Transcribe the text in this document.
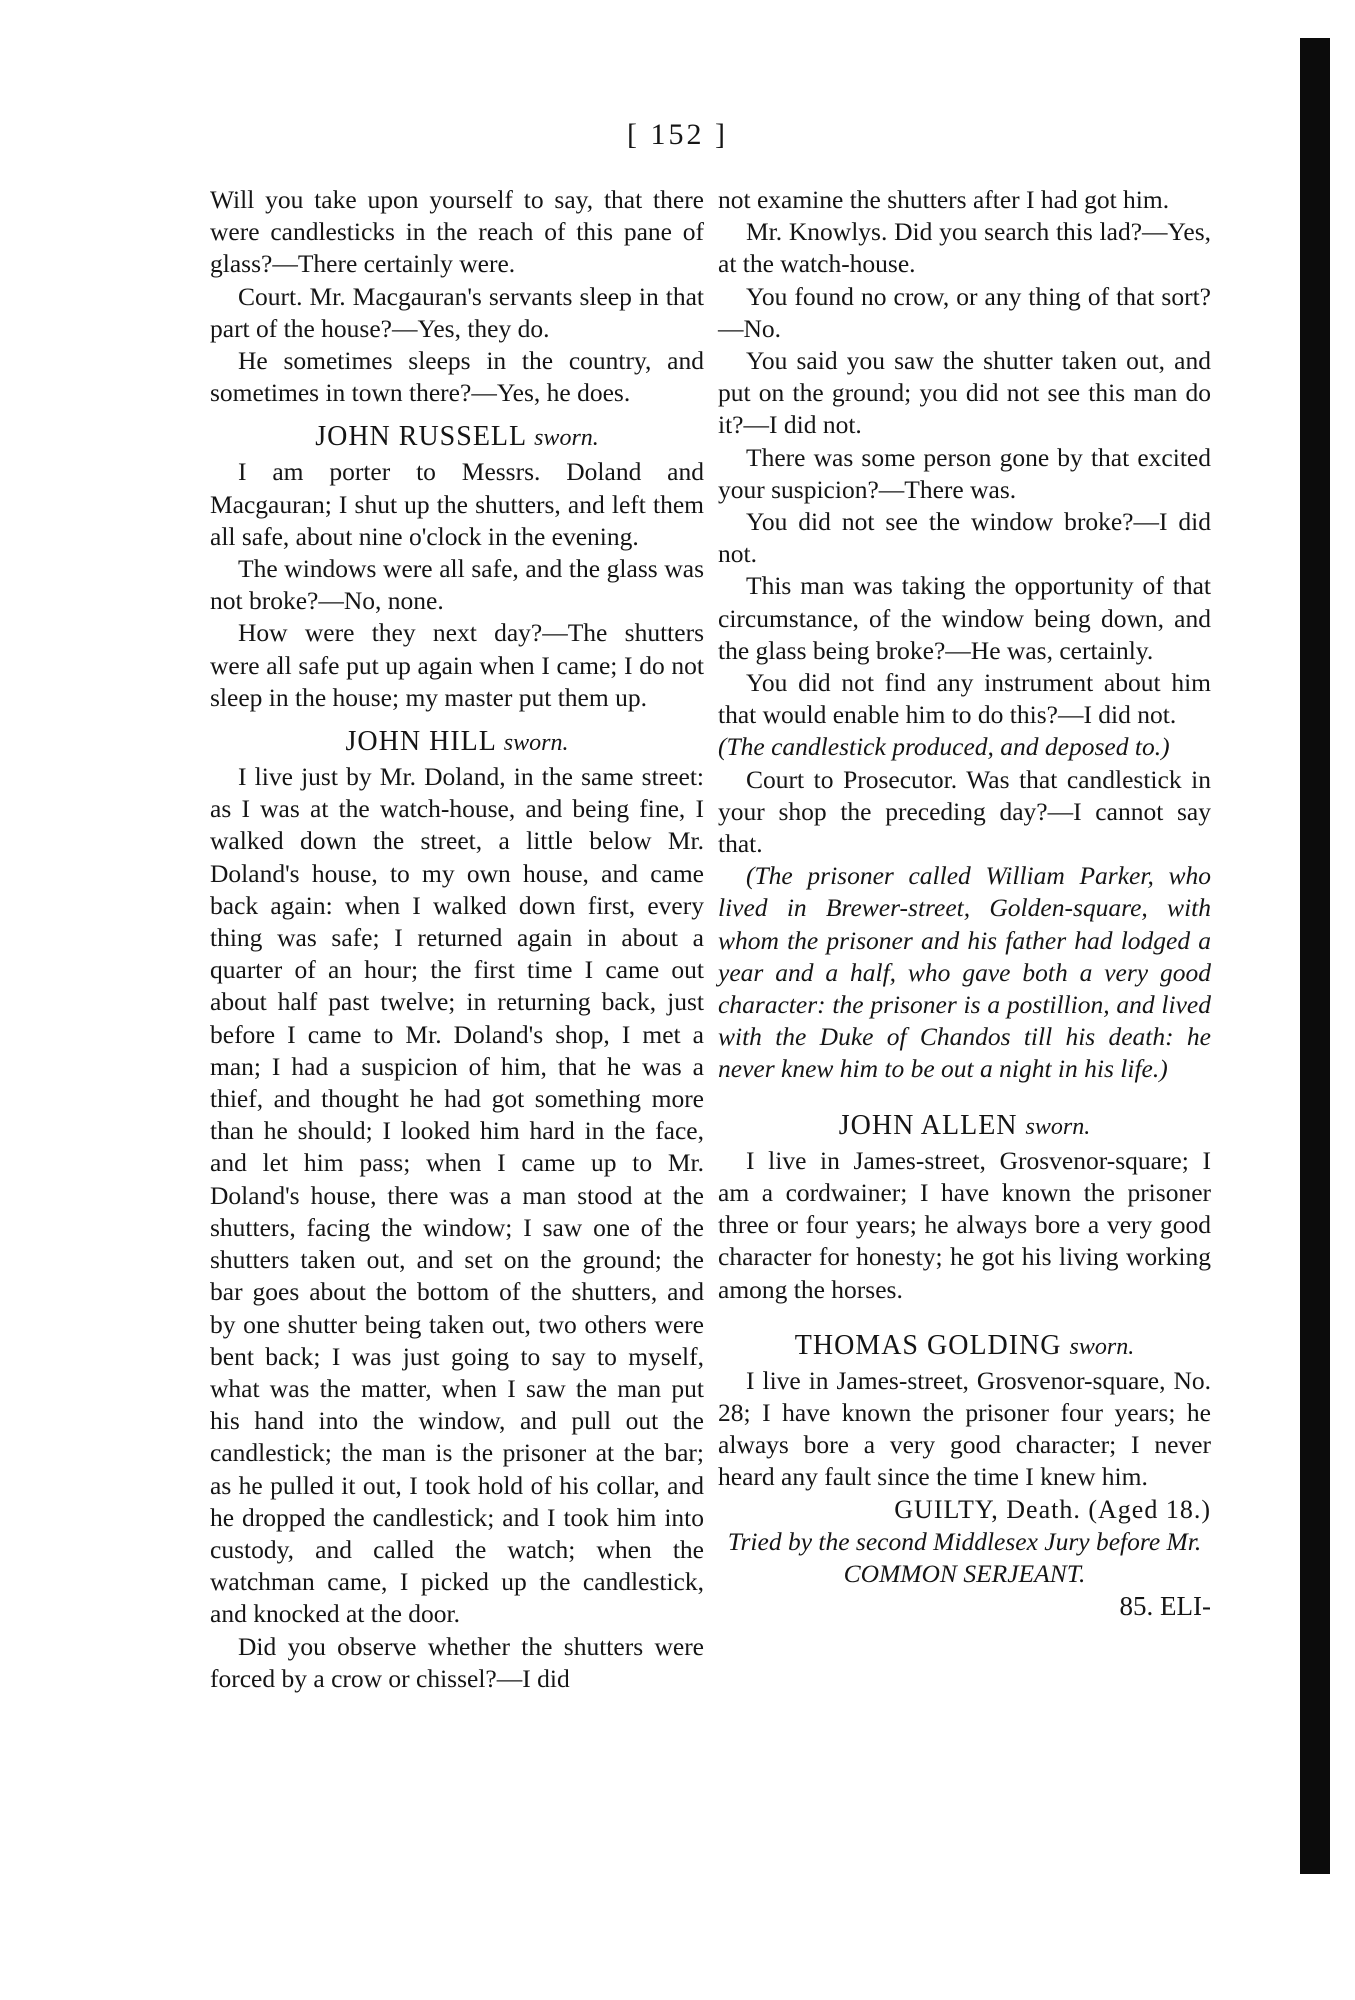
[ 152 ]

Will you take upon yourself to say, that there were candlesticks in the reach of this pane of glass?—There certainly were.

Court. Mr. Macgauran's servants sleep in that part of the house?—Yes, they do.

He sometimes sleeps in the country, and sometimes in town there?—Yes, he does.

JOHN RUSSELL sworn.

I am porter to Messrs. Doland and Macgauran; I shut up the shutters, and left them all safe, about nine o'clock in the evening.

The windows were all safe, and the glass was not broke?—No, none.

How were they next day?—The shutters were all safe put up again when I came; I do not sleep in the house; my master put them up.

JOHN HILL sworn.

I live just by Mr. Doland, in the same street: as I was at the watch-house, and being fine, I walked down the street, a little below Mr. Doland's house, to my own house, and came back again: when I walked down first, every thing was safe; I returned again in about a quarter of an hour; the first time I came out about half past twelve; in returning back, just before I came to Mr. Doland's shop, I met a man; I had a suspicion of him, that he was a thief, and thought he had got something more than he should; I looked him hard in the face, and let him pass; when I came up to Mr. Doland's house, there was a man stood at the shutters, facing the window; I saw one of the shutters taken out, and set on the ground; the bar goes about the bottom of the shutters, and by one shutter being taken out, two others were bent back; I was just going to say to myself, what was the matter, when I saw the man put his hand into the window, and pull out the candlestick; the man is the prisoner at the bar; as he pulled it out, I took hold of his collar, and he dropped the candlestick; and I took him into custody, and called the watch; when the watchman came, I picked up the candlestick, and knocked at the door.

Did you observe whether the shutters were forced by a crow or chissel?—I did

not examine the shutters after I had got him.

Mr. Knowlys. Did you search this lad?—Yes, at the watch-house.

You found no crow, or any thing of that sort?—No.

You said you saw the shutter taken out, and put on the ground; you did not see this man do it?—I did not.

There was some person gone by that excited your suspicion?—There was.

You did not see the window broke?—I did not.

This man was taking the opportunity of that circumstance, of the window being down, and the glass being broke?—He was, certainly.

You did not find any instrument about him that would enable him to do this?—I did not.

(The candlestick produced, and deposed to.)

Court to Prosecutor. Was that candlestick in your shop the preceding day?—I cannot say that.

(The prisoner called William Parker, who lived in Brewer-street, Golden-square, with whom the prisoner and his father had lodged a year and a half, who gave both a very good character: the prisoner is a postillion, and lived with the Duke of Chandos till his death: he never knew him to be out a night in his life.)

JOHN ALLEN sworn.

I live in James-street, Grosvenor-square; I am a cordwainer; I have known the prisoner three or four years; he always bore a very good character for honesty; he got his living working among the horses.

THOMAS GOLDING sworn.

I live in James-street, Grosvenor-square, No. 28; I have known the prisoner four years; he always bore a very good character; I never heard any fault since the time I knew him.

GUILTY, Death. (Aged 18.)

Tried by the second Middlesex Jury before Mr. COMMON SERJEANT.

85. ELI-
